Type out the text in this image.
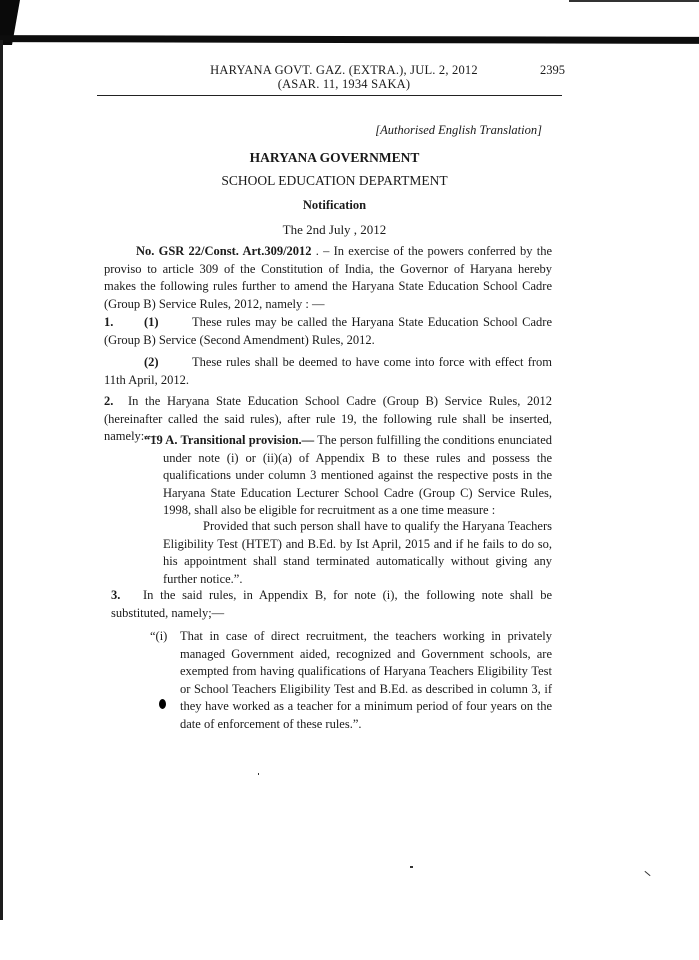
HARYANA GOVT. GAZ. (EXTRA.), JUL. 2, 2012
(ASAR. 11, 1934 SAKA)
2395
[Authorised English Translation]
HARYANA GOVERNMENT
SCHOOL EDUCATION DEPARTMENT
Notification
The 2nd July , 2012
No. GSR 22/Const. Art.309/2012 . – In exercise of the powers conferred by the proviso to article 309 of the Constitution of India, the Governor of Haryana hereby makes the following rules further to amend the Haryana State Education School Cadre (Group B) Service Rules, 2012, namely : —
1. (1)	These rules may be called the Haryana State Education School Cadre (Group B) Service (Second Amendment) Rules, 2012.
(2)	These rules shall be deemed to have come into force with effect from 11th April, 2012.
2. In the Haryana State Education School Cadre (Group B) Service Rules, 2012 (hereinafter called the said rules), after rule 19, the following rule shall be inserted, namely:—
“19 A. Transitional provision.— The person fulfilling the conditions enunciated under note (i) or (ii)(a) of Appendix B to these rules and possess the qualifications under column 3 mentioned against the respective posts in the Haryana State Education Lecturer School Cadre (Group C) Service Rules, 1998, shall also be eligible for recruitment as a one time measure :
Provided that such person shall have to qualify the Haryana Teachers Eligibility Test (HTET) and B.Ed. by Ist April, 2015 and if he fails to do so, his appointment shall stand terminated automatically without giving any further notice.”.
3. In the said rules, in Appendix B, for note (i), the following note shall be substituted, namely;—
“(i) That in case of direct recruitment, the teachers working in privately managed Government aided, recognized and Government schools, are exempted from having qualifications of Haryana Teachers Eligibility Test or School Teachers Eligibility Test and B.Ed. as described in column 3, if they have worked as a teacher for a minimum period of four years on the date of enforcement of these rules.”.
